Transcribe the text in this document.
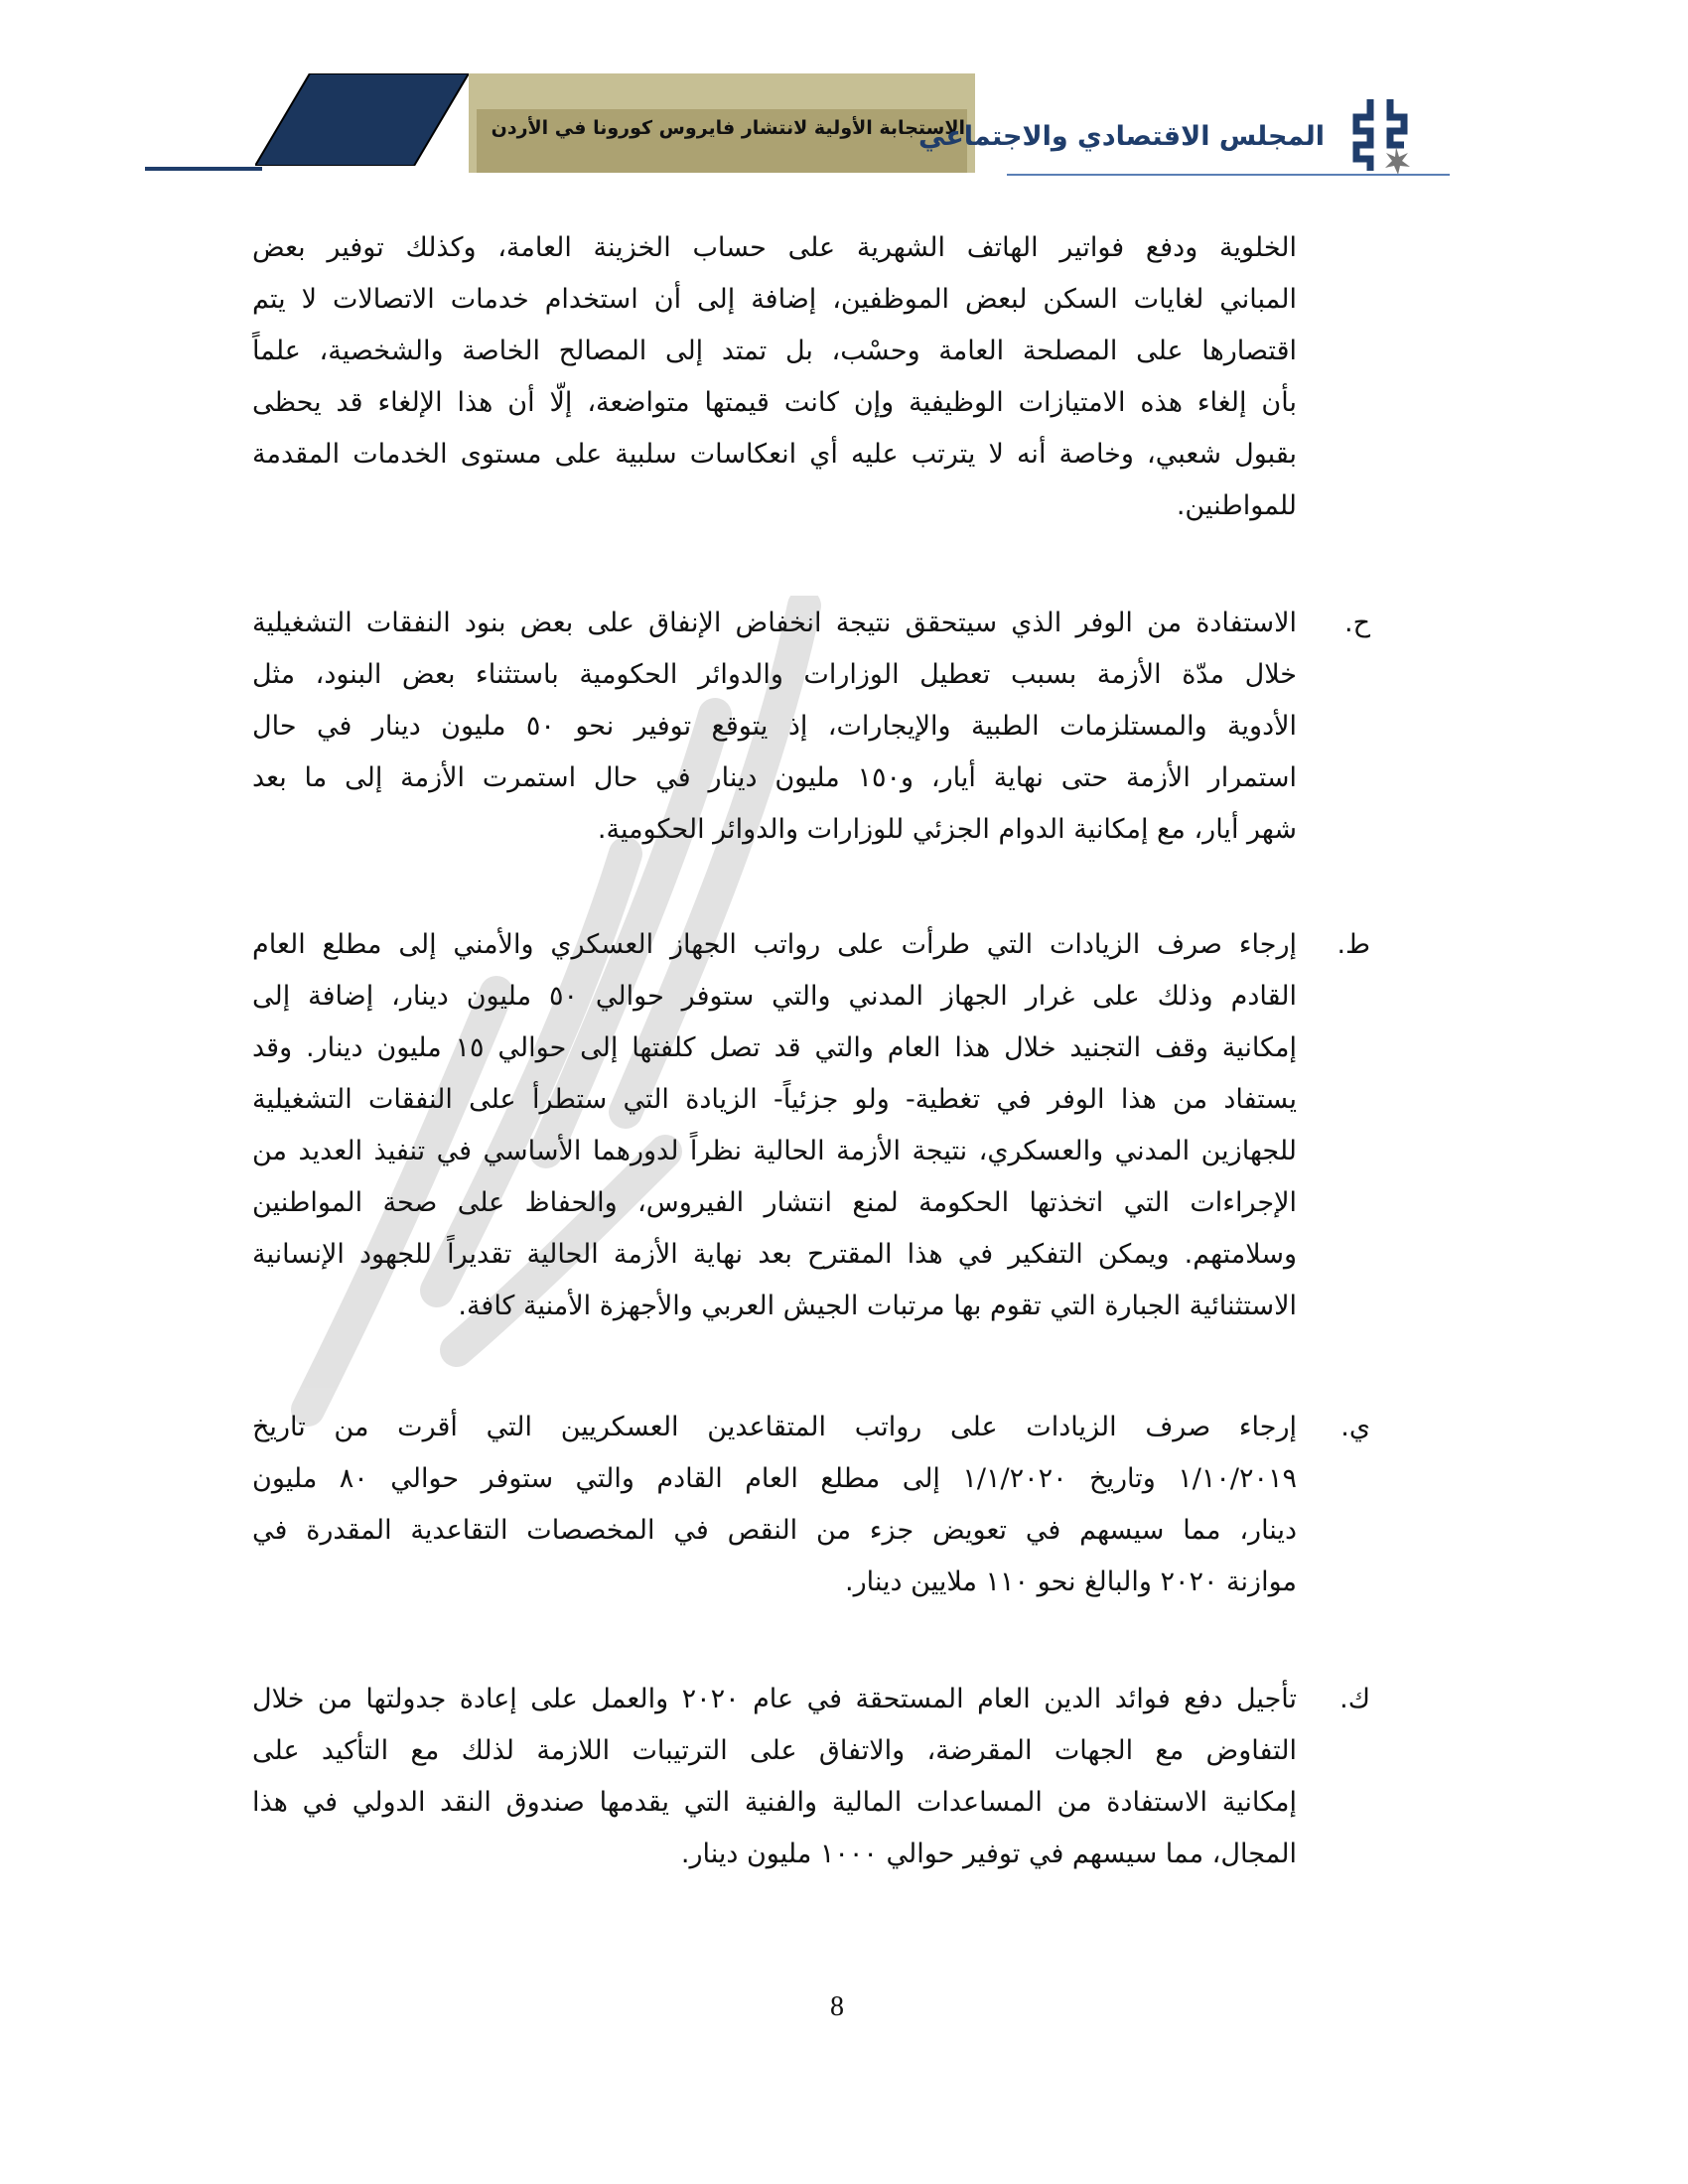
الاستجابة الأولية لانتشار فايروس كورونا في الأردن
المجلس الاقتصادي والاجتماعي
الخلوية ودفع فواتير الهاتف الشهرية على حساب الخزينة العامة، وكذلك توفير بعض
المباني لغايات السكن لبعض الموظفين، إضافة إلى أن استخدام خدمات الاتصالات لا يتم
اقتصارها على المصلحة العامة وحسْب، بل تمتد إلى المصالح الخاصة والشخصية، علماً
بأن إلغاء هذه الامتيازات الوظيفية وإن كانت قيمتها متواضعة، إلّا أن هذا الإلغاء قد يحظى
بقبول شعبي، وخاصة أنه لا يترتب عليه أي انعكاسات سلبية على مستوى الخدمات المقدمة
للمواطنين.
ح.
الاستفادة من الوفر الذي سيتحقق نتيجة انخفاض الإنفاق على بعض بنود النفقات التشغيلية
خلال مدّة الأزمة بسبب تعطيل الوزارات والدوائر الحكومية باستثناء بعض البنود، مثل
الأدوية والمستلزمات الطبية والإيجارات، إذ يتوقع توفير نحو ٥٠ مليون دينار في حال
استمرار الأزمة حتى نهاية أيار، و١٥٠ مليون دينار في حال استمرت الأزمة إلى ما بعد
شهر أيار، مع إمكانية الدوام الجزئي للوزارات والدوائر الحكومية.
ط.
إرجاء صرف الزيادات التي طرأت على رواتب الجهاز العسكري والأمني إلى مطلع العام
القادم وذلك على غرار الجهاز المدني والتي ستوفر حوالي ٥٠ مليون دينار، إضافة إلى
إمكانية وقف التجنيد خلال هذا العام والتي قد تصل كلفتها إلى حوالي ١٥ مليون دينار. وقد
يستفاد من هذا الوفر في تغطية- ولو جزئياً- الزيادة التي ستطرأ على النفقات التشغيلية
للجهازين المدني والعسكري، نتيجة الأزمة الحالية نظراً لدورهما الأساسي في تنفيذ العديد من
الإجراءات التي اتخذتها الحكومة لمنع انتشار الفيروس، والحفاظ على صحة المواطنين
وسلامتهم. ويمكن التفكير في هذا المقترح بعد نهاية الأزمة الحالية تقديراً للجهود الإنسانية
الاستثنائية الجبارة التي تقوم بها مرتبات الجيش العربي والأجهزة الأمنية كافة.
ي.
إرجاء صرف الزيادات على رواتب المتقاعدين العسكريين التي أقرت من تاريخ
١/١٠/٢٠١٩ وتاريخ ١/١/٢٠٢٠ إلى مطلع العام القادم والتي ستوفر حوالي ٨٠ مليون
دينار، مما سيسهم في تعويض جزء من النقص في المخصصات التقاعدية المقدرة في
موازنة ٢٠٢٠ والبالغ نحو ١١٠ ملايين دينار.
ك.
تأجيل دفع فوائد الدين العام المستحقة في عام ٢٠٢٠ والعمل على إعادة جدولتها من خلال
التفاوض مع الجهات المقرضة، والاتفاق على الترتيبات اللازمة لذلك مع التأكيد على
إمكانية الاستفادة من المساعدات المالية والفنية التي يقدمها صندوق النقد الدولي في هذا
المجال، مما سيسهم في توفير حوالي ١٠٠٠ مليون دينار.
8
